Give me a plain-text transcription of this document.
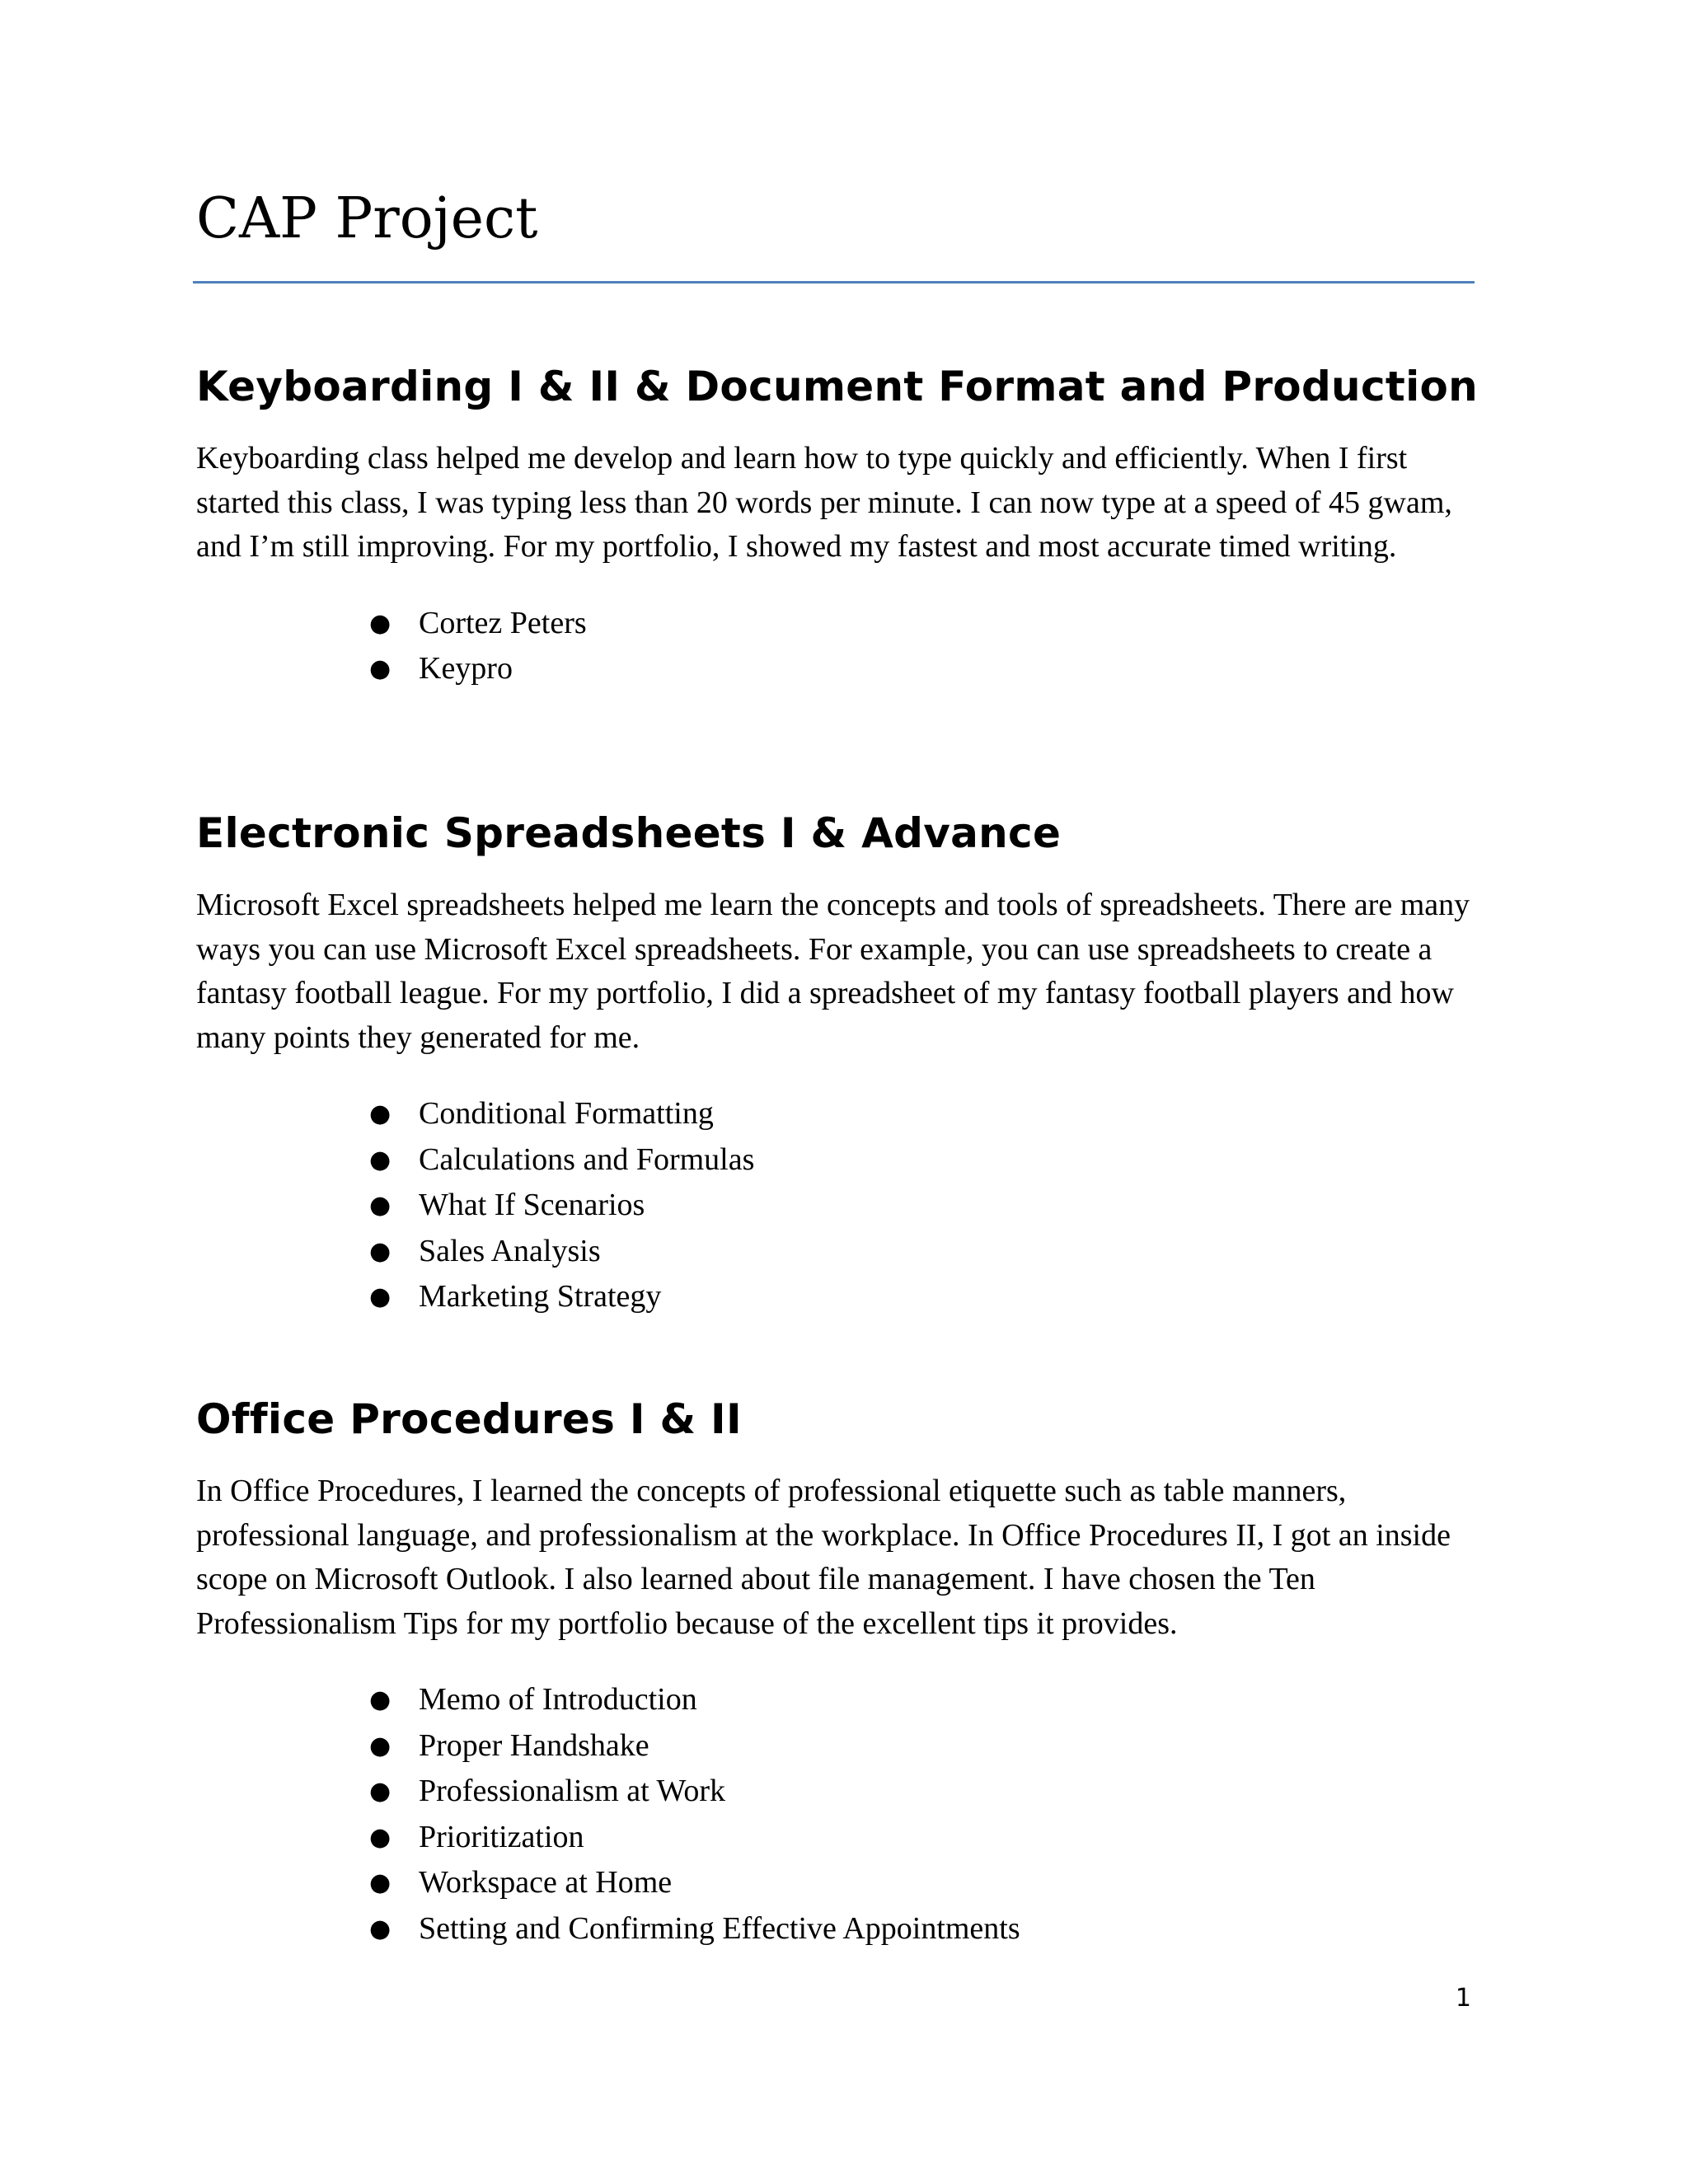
CAP Project
Keyboarding I & II & Document Format and Production

Keyboarding class helped me develop and learn how to type quickly and efficiently. When I first started this class, I was typing less than 20 words per minute. I can now type at a speed of 45 gwam, and I’m still improving. For my portfolio, I showed my fastest and most accurate timed writing.

● Cortez Peters
● Keypro
Electronic Spreadsheets I & Advance

Microsoft Excel spreadsheets helped me learn the concepts and tools of spreadsheets. There are many ways you can use Microsoft Excel spreadsheets. For example, you can use spreadsheets to create a fantasy football league. For my portfolio, I did a spreadsheet of my fantasy football players and how many points they generated for me.

● Conditional Formatting
● Calculations and Formulas
● What If Scenarios
● Sales Analysis
● Marketing Strategy
Office Procedures I & II

In Office Procedures, I learned the concepts of professional etiquette such as table manners, professional language, and professionalism at the workplace. In Office Procedures II, I got an inside scope on Microsoft Outlook. I also learned about file management. I have chosen the Ten Professionalism Tips for my portfolio because of the excellent tips it provides.

● Memo of Introduction
● Proper Handshake
● Professionalism at Work
● Prioritization
● Workspace at Home
● Setting and Confirming Effective Appointments
1
